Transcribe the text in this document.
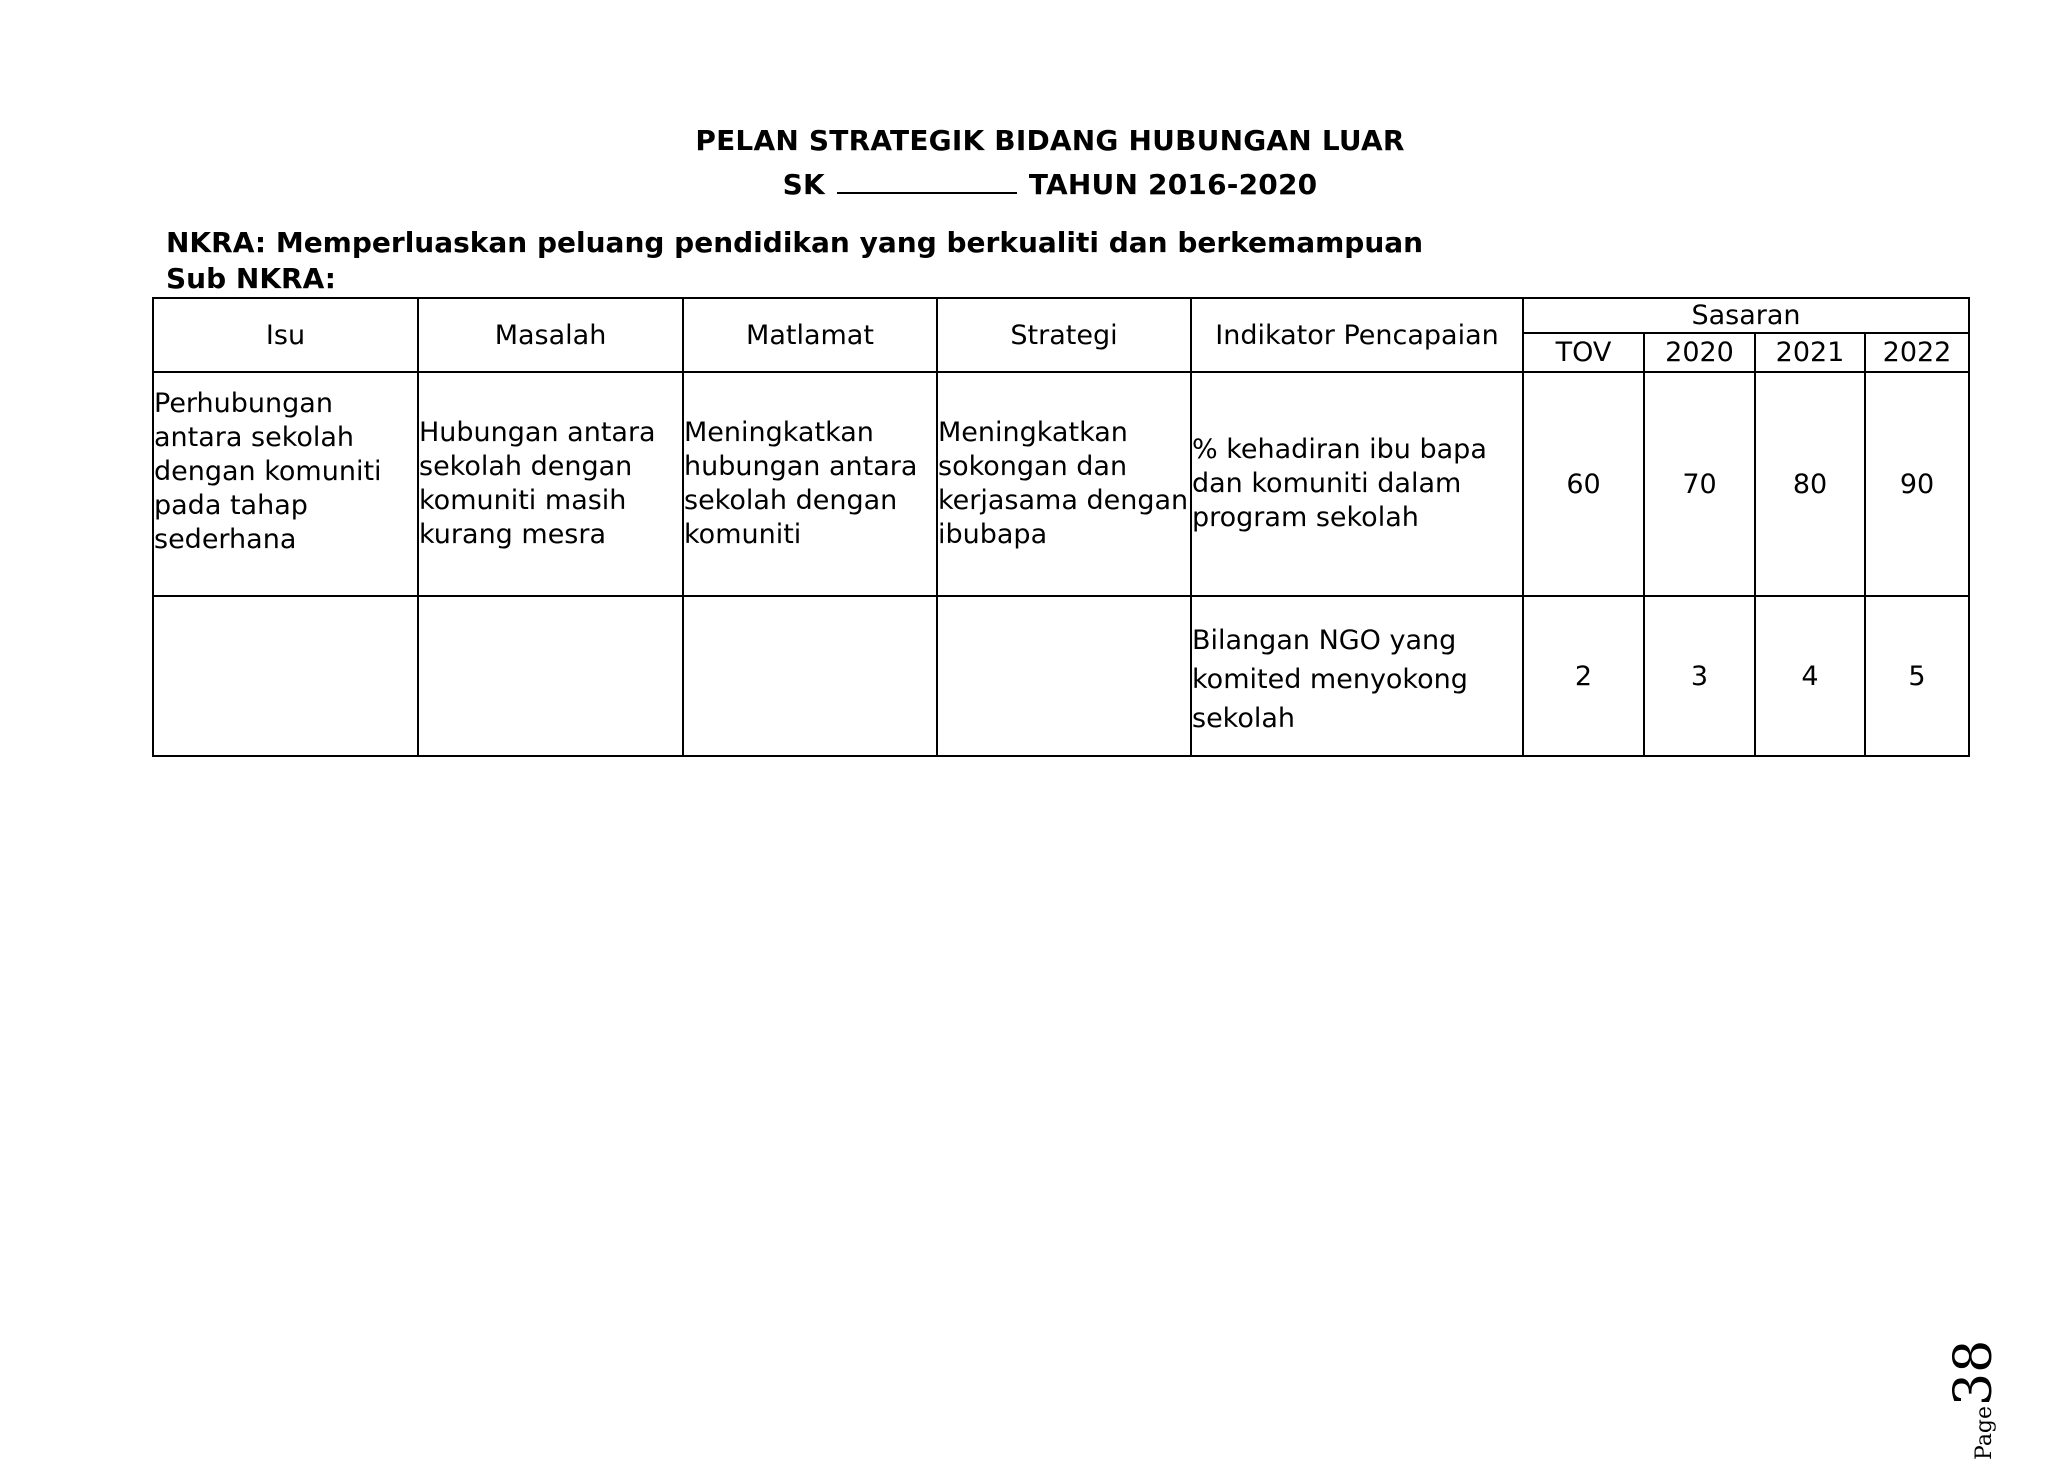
PELAN STRATEGIK BIDANG HUBUNGAN LUAR
SK	TAHUN 2016-2020
NKRA: Memperluaskan peluang pendidikan yang berkualiti dan berkemampuan
Sub NKRA:
Isu	Masalah	Matlamat	Strategi	Indikator Pencapaian	Sasaran			
					TOV	2020	2021	2022
Perhubungan antara sekolah dengan komuniti pada tahap sederhana	Hubungan antara sekolah dengan komuniti masih kurang mesra	Meningkatkan hubungan antara sekolah dengan komuniti	Meningkatkan sokongan dan kerjasama dengan ibubapa	% kehadiran ibu bapa dan komuniti dalam program sekolah	60	70	80	90
				Bilangan NGO yang komited menyokong sekolah	2	3	4	5
Page38
